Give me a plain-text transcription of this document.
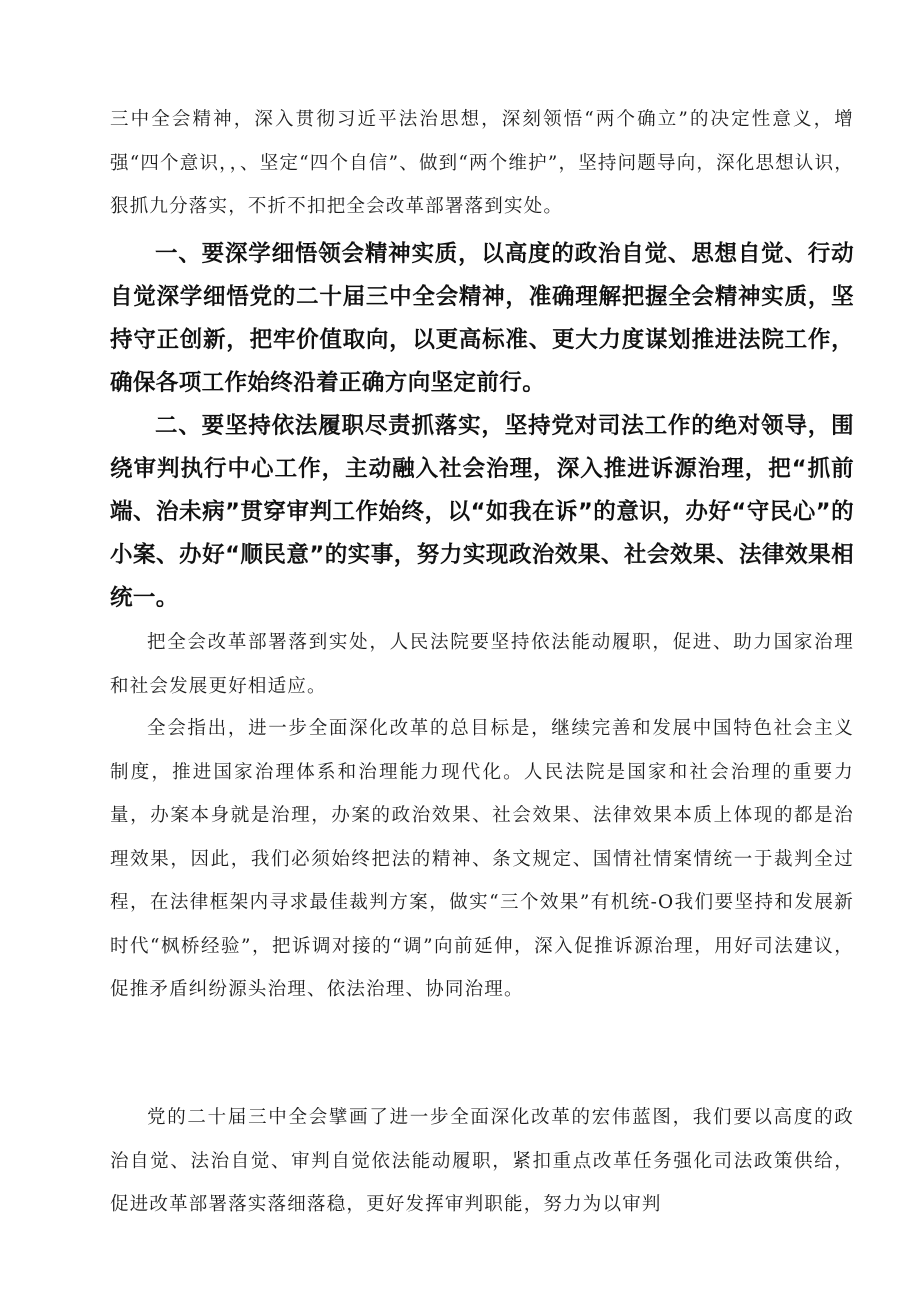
三中全会精神，深入贯彻习近平法治思想，深刻领悟“两个确立”的决定性意义，增强“四个意识，，、坚定“四个自信”、做到“两个维护”，坚持问题导向，深化思想认识，狠抓九分落实，不折不扣把全会改革部署落到实处。

一、要深学细悟领会精神实质，以高度的政治自觉、思想自觉、行动自觉深学细悟党的二十届三中全会精神，准确理解把握全会精神实质，坚持守正创新，把牢价值取向，以更高标准、更大力度谋划推进法院工作，确保各项工作始终沿着正确方向坚定前行。

二、要坚持依法履职尽责抓落实，坚持党对司法工作的绝对领导，围绕审判执行中心工作，主动融入社会治理，深入推进诉源治理，把“抓前端、治未病”贯穿审判工作始终，以“如我在诉”的意识，办好“守民心”的小案、办好“顺民意”的实事，努力实现政治效果、社会效果、法律效果相统一。

把全会改革部署落到实处，人民法院要坚持依法能动履职，促进、助力国家治理和社会发展更好相适应。

全会指出，进一步全面深化改革的总目标是，继续完善和发展中国特色社会主义制度，推进国家治理体系和治理能力现代化。人民法院是国家和社会治理的重要力量，办案本身就是治理，办案的政治效果、社会效果、法律效果本质上体现的都是治理效果，因此，我们必须始终把法的精神、条文规定、国情社情案情统一于裁判全过程，在法律框架内寻求最佳裁判方案，做实“三个效果”有机统-O我们要坚持和发展新时代“枫桥经验”，把诉调对接的“调”向前延伸，深入促推诉源治理，用好司法建议，促推矛盾纠纷源头治理、依法治理、协同治理。

党的二十届三中全会擘画了进一步全面深化改革的宏伟蓝图，我们要以高度的政治自觉、法治自觉、审判自觉依法能动履职，紧扣重点改革任务强化司法政策供给，促进改革部署落实落细落稳，更好发挥审判职能，努力为以审判
